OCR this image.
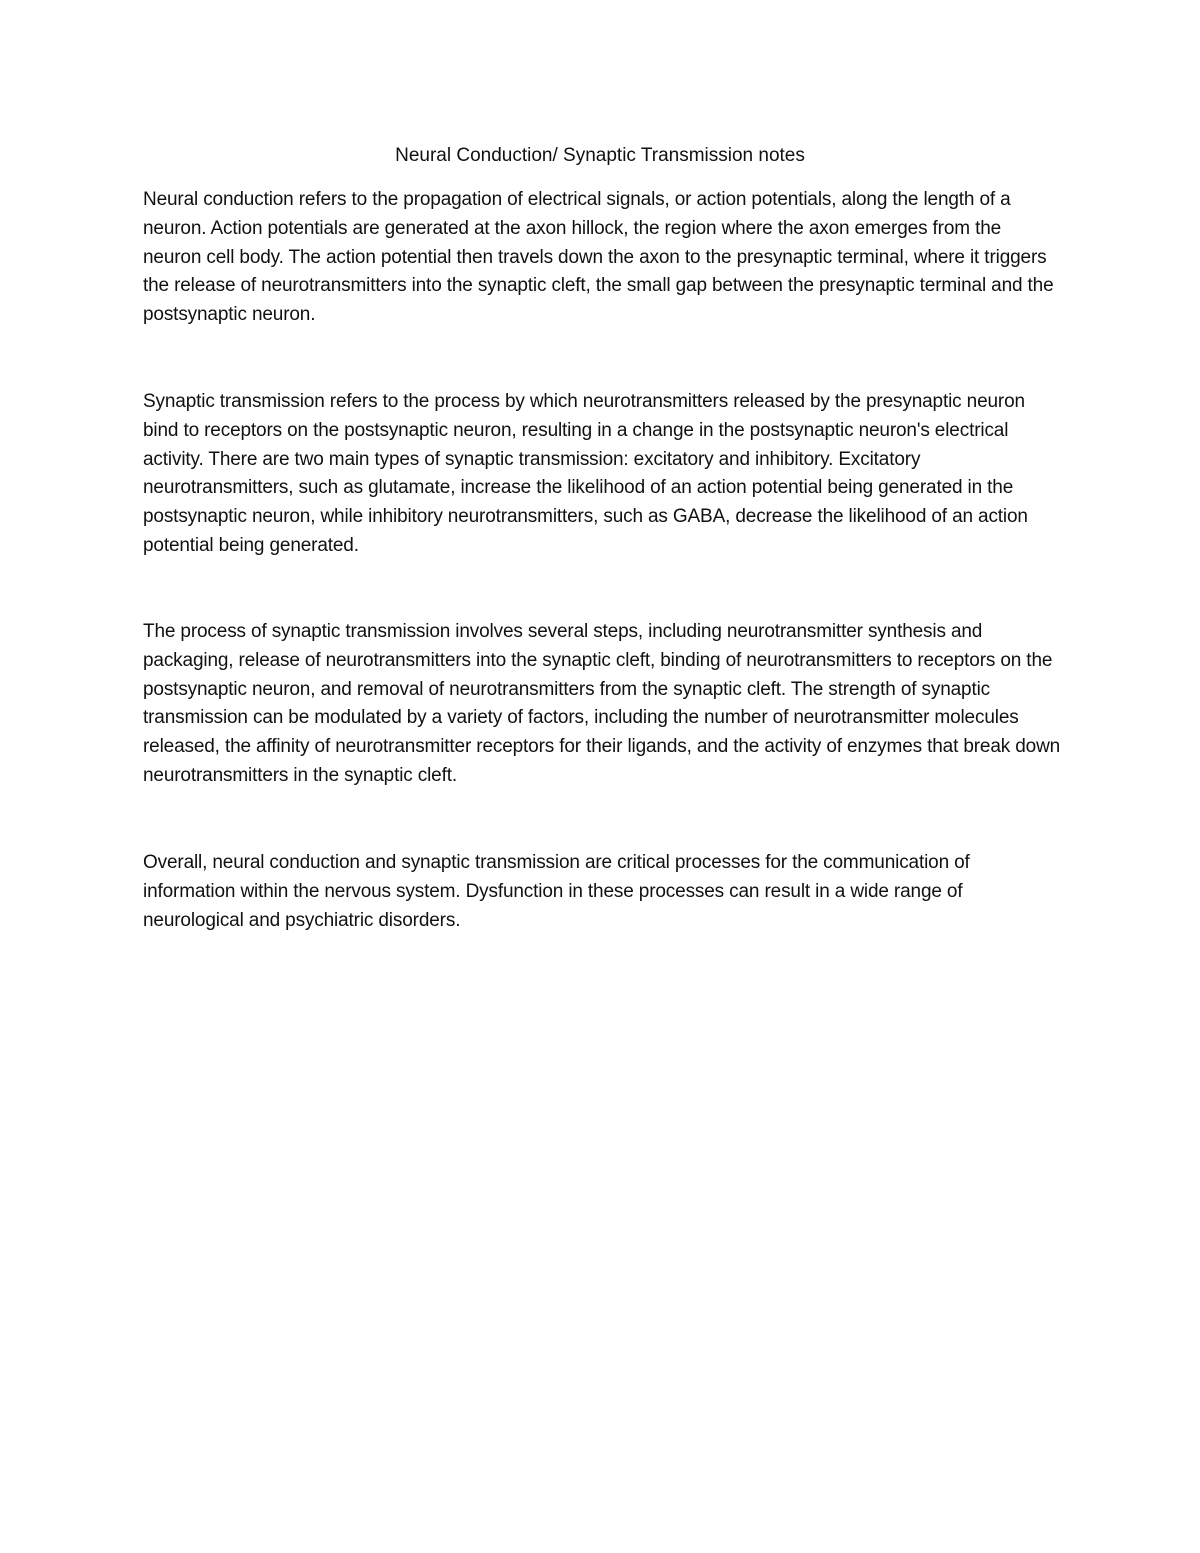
Neural Conduction/ Synaptic Transmission notes

Neural conduction refers to the propagation of electrical signals, or action potentials, along the length of a neuron. Action potentials are generated at the axon hillock, the region where the axon emerges from the neuron cell body. The action potential then travels down the axon to the presynaptic terminal, where it triggers the release of neurotransmitters into the synaptic cleft, the small gap between the presynaptic terminal and the postsynaptic neuron.

Synaptic transmission refers to the process by which neurotransmitters released by the presynaptic neuron bind to receptors on the postsynaptic neuron, resulting in a change in the postsynaptic neuron's electrical activity. There are two main types of synaptic transmission: excitatory and inhibitory. Excitatory neurotransmitters, such as glutamate, increase the likelihood of an action potential being generated in the postsynaptic neuron, while inhibitory neurotransmitters, such as GABA, decrease the likelihood of an action potential being generated.

The process of synaptic transmission involves several steps, including neurotransmitter synthesis and packaging, release of neurotransmitters into the synaptic cleft, binding of neurotransmitters to receptors on the postsynaptic neuron, and removal of neurotransmitters from the synaptic cleft. The strength of synaptic transmission can be modulated by a variety of factors, including the number of neurotransmitter molecules released, the affinity of neurotransmitter receptors for their ligands, and the activity of enzymes that break down neurotransmitters in the synaptic cleft.

Overall, neural conduction and synaptic transmission are critical processes for the communication of information within the nervous system. Dysfunction in these processes can result in a wide range of neurological and psychiatric disorders.
